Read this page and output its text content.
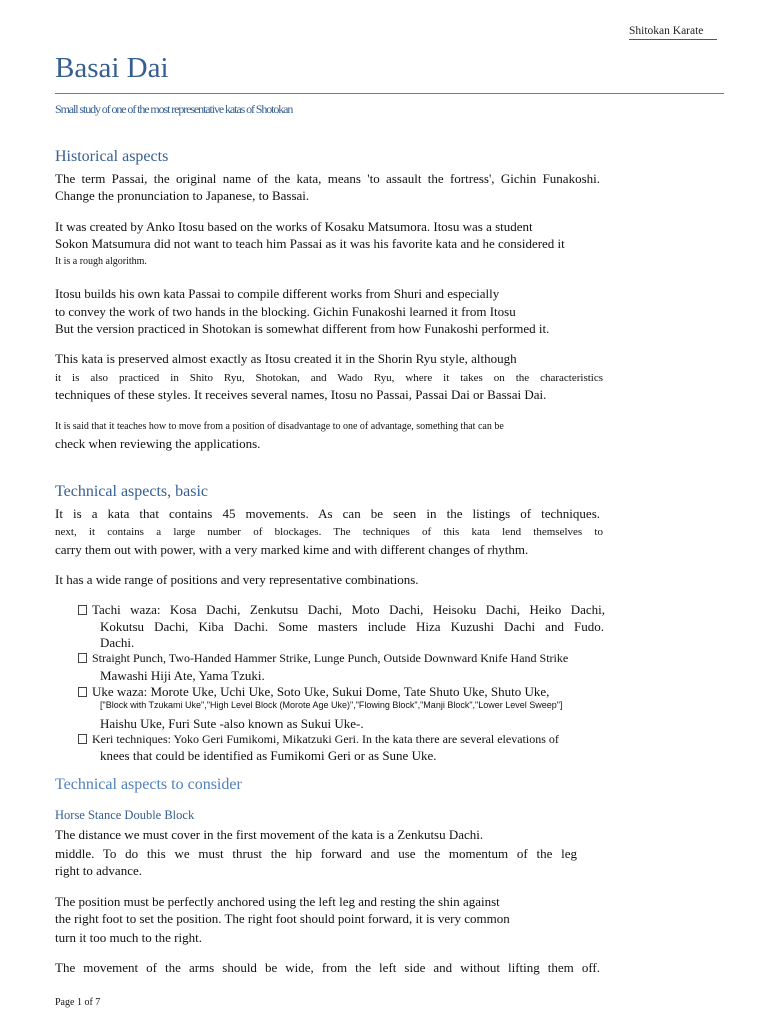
Shitokan Karate
Basai Dai
Small study of one of the most representative katas of Shotokan
Historical aspects
The term Passai, the original name of the kata, means 'to assault the fortress', Gichin Funakoshi.
Change the pronunciation to Japanese, to Bassai.
It was created by Anko Itosu based on the works of Kosaku Matsumora. Itosu was a student
Sokon Matsumura did not want to teach him Passai as it was his favorite kata and he considered it
It is a rough algorithm.
Itosu builds his own kata Passai to compile different works from Shuri and especially
to convey the work of two hands in the blocking. Gichin Funakoshi learned it from Itosu
But the version practiced in Shotokan is somewhat different from how Funakoshi performed it.
This kata is preserved almost exactly as Itosu created it in the Shorin Ryu style, although
it is also practiced in Shito Ryu, Shotokan, and Wado Ryu, where it takes on the characteristics
techniques of these styles. It receives several names, Itosu no Passai, Passai Dai or Bassai Dai.
It is said that it teaches how to move from a position of disadvantage to one of advantage, something that can be
check when reviewing the applications.
Technical aspects, basic
It is a kata that contains 45 movements. As can be seen in the listings of techniques.
next, it contains a large number of blockages. The techniques of this kata lend themselves to
carry them out with power, with a very marked kime and with different changes of rhythm.
It has a wide range of positions and very representative combinations.
Tachi waza: Kosa Dachi, Zenkutsu Dachi, Moto Dachi, Heisoku Dachi, Heiko Dachi,
Kokutsu Dachi, Kiba Dachi. Some masters include Hiza Kuzushi Dachi and Fudo.
Dachi.
Straight Punch, Two-Handed Hammer Strike, Lunge Punch, Outside Downward Knife Hand Strike
Mawashi Hiji Ate, Yama Tzuki.
Uke waza: Morote Uke, Uchi Uke, Soto Uke, Sukui Dome, Tate Shuto Uke, Shuto Uke,
["Block with Tzukami Uke","High Level Block (Morote Age Uke)","Flowing Block","Manji Block","Lower Level Sweep"]
Haishu Uke, Furi Sute -also known as Sukui Uke-.
Keri techniques: Yoko Geri Fumikomi, Mikatzuki Geri. In the kata there are several elevations of
knees that could be identified as Fumikomi Geri or as Sune Uke.
Technical aspects to consider
Horse Stance Double Block
The distance we must cover in the first movement of the kata is a Zenkutsu Dachi.
middle. To do this we must thrust the hip forward and use the momentum of the leg
right to advance.
The position must be perfectly anchored using the left leg and resting the shin against
the right foot to set the position. The right foot should point forward, it is very common
turn it too much to the right.
The movement of the arms should be wide, from the left side and without lifting them off.
Page 1 of 7
